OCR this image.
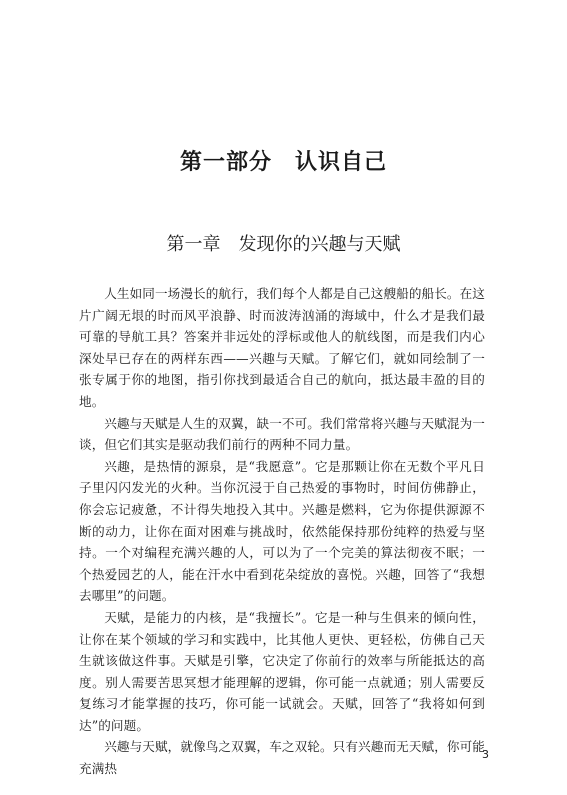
第一部分　认识自己
第一章　发现你的兴趣与天赋

人生如同一场漫长的航行，我们每个人都是自己这艘船的船长。在这片广阔无垠的时而风平浪静、时而波涛汹涌的海域中，什么才是我们最可靠的导航工具？答案并非远处的浮标或他人的航线图，而是我们内心深处早已存在的两样东西——兴趣与天赋。了解它们，就如同绘制了一张专属于你的地图，指引你找到最适合自己的航向，抵达最丰盈的目的地。

兴趣与天赋是人生的双翼，缺一不可。我们常常将兴趣与天赋混为一谈，但它们其实是驱动我们前行的两种不同力量。

兴趣，是热情的源泉，是“我愿意”。它是那颗让你在无数个平凡日子里闪闪发光的火种。当你沉浸于自己热爱的事物时，时间仿佛静止，你会忘记疲惫，不计得失地投入其中。兴趣是燃料，它为你提供源源不断的动力，让你在面对困难与挑战时，依然能保持那份纯粹的热爱与坚持。一个对编程充满兴趣的人，可以为了一个完美的算法彻夜不眠；一个热爱园艺的人，能在汗水中看到花朵绽放的喜悦。兴趣，回答了“我想去哪里”的问题。

天赋，是能力的内核，是“我擅长”。它是一种与生俱来的倾向性，让你在某个领域的学习和实践中，比其他人更快、更轻松，仿佛自己天生就该做这件事。天赋是引擎，它决定了你前行的效率与所能抵达的高度。别人需要苦思冥想才能理解的逻辑，你可能一点就通；别人需要反复练习才能掌握的技巧，你可能一试就会。天赋，回答了“我将如何到达”的问题。

兴趣与天赋，就像鸟之双翼，车之双轮。只有兴趣而无天赋，你可能充满热

3
